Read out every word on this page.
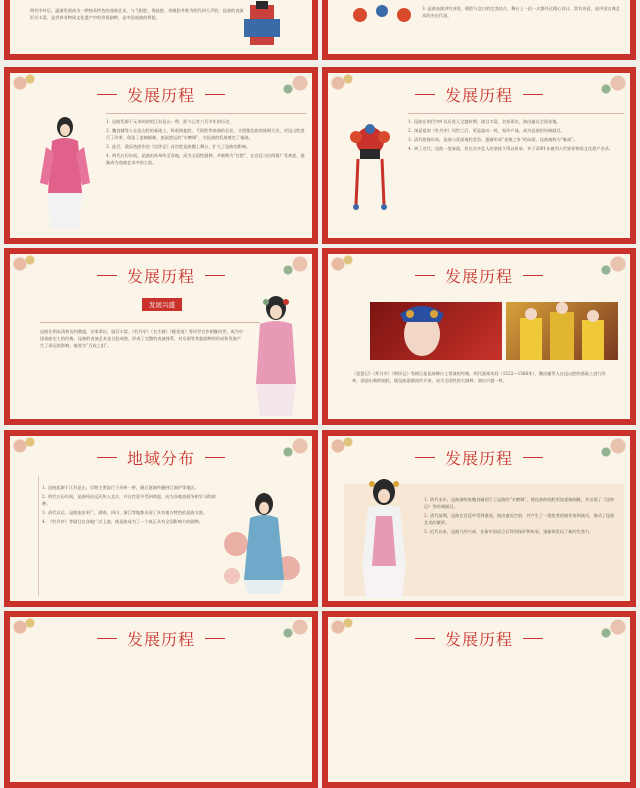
明代中叶后，逐渐发展成为一种独具特色的戏曲艺术，与弋阳腔、海盐腔、余姚腔并称为明代四大声腔。昆曲的表演形式丰富，是世界非物质文化遗产中的珍贵剧种，是中国戏曲的鼻祖。
3. 昆曲表演讲究身段、唱腔与念白的完美结合，舞台上一招一式都经过精心设计，富有诗意，是中国古典艺术的杰出代表。
发展历程

1. 昆曲发源于元末明初的江苏昆山一带，距今已有六百多年的历史。

2. 魏良辅等人在昆山腔的基础上，吸收海盐腔、弋阳腔等南曲的长处，又借鉴北曲的演唱方法，对昆山腔进行了改革，创造了委婉细腻、流丽悠远的“水磨调”，为昆曲的发展奠定了基础。

3. 此后，梁辰鱼创作的《浣纱记》首次把昆曲搬上舞台，扩大了昆曲的影响。

4. 明代万历年间，昆曲由苏州传至各地，成为全国性剧种，并被称为“官腔”，在宫廷与民间都广受欢迎，逐渐成为戏曲艺术中的主流。

发展历程

1. 昆曲在明代中叶以后进入全盛时期，剧目丰富，名家辈出，演出遍及全国各地。

2. 汤显祖的《牡丹亭》问世之后，更是轰动一时，家传户诵，成为昆曲的经典剧目。

3. 清代乾隆年间，昆曲与花部诸腔竞争，逐渐形成“花雅之争”的局面，昆曲被称为“雅部”。

4. 到了近代，昆曲一度衰落，但在众多艺人的坚持下得以传承，并于2001年被列入世界非物质文化遗产名录。

发展历程
发展兴盛
昆曲在明末清初达到鼎盛，名家辈出，剧目丰富。《牡丹亭》《长生殿》《桃花扇》等传世名作相继问世，成为中国戏曲史上的经典。昆曲的表演艺术也日趋成熟，形成了完整的表演体系，对京剧等其他剧种的形成和发展产生了深远的影响，被誉为“百戏之祖”。
发展历程
《琵琶记》《拜月亭》《荆钗记》等剧目是昆曲舞台上常演的经典，明代嘉靖年间（1522—1566年），魏良辅等人在昆山腔的基础上进行改革，创造出新的唱腔，使昆曲逐渐流传开来，成为全国性的大剧种，演出兴盛一时。
地域分布

1. 昆曲起源于江苏昆山，早期主要流行于苏州一带，随后逐渐传播到江浙沪等地区。

2. 明代万历年间，昆曲经由运河传入北京，并在宫廷中受到欢迎，成为各地戏班争相学习的剧种。

3. 清代以后，昆曲流布更广，湖南、四川、浙江等地都出现了具有地方特色的昆曲支派。

4. 《牡丹亭》等剧目在各地广泛上演，使昆曲成为了一个真正具有全国影响力的剧种。

发展历程

1. 明代末年，昆曲演唱家魏良辅创立了昆曲的“水磨调”，使昆曲的唱腔更加委婉细腻，并出现了《浣纱记》等经典剧目。

2. 清代前期，昆曲在宫廷中受到重视，演出盛况空前，并产生了一批优秀的剧作家和演员，推动了昆曲艺术的繁荣。

3. 近代以来，昆曲几经兴衰，在新中国成立后得到保护和传承，重新焕发出了新的生命力。

发展历程	发展历程
